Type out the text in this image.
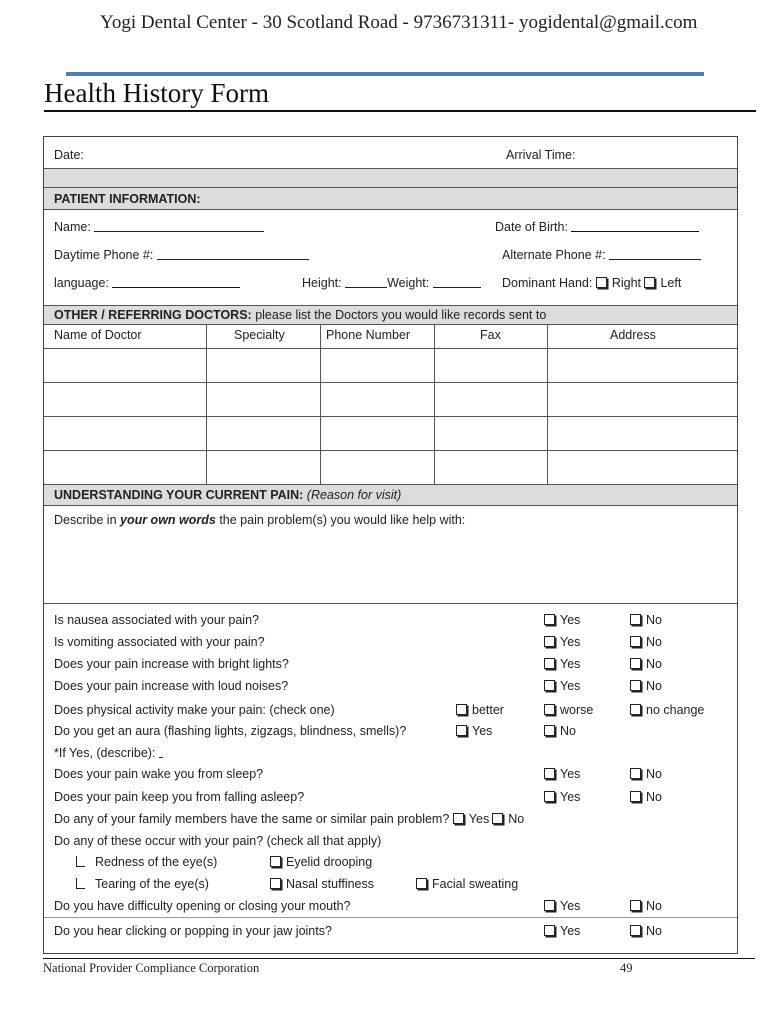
Yogi Dental Center - 30 Scotland Road - 9736731311- yogidental@gmail.com
Health History Form
Date:	Arrival Time:
PATIENT INFORMATION:
Name:	Date of Birth:
Daytime Phone #:	Alternate Phone #:
language:	Height:	Weight:	Dominant Hand: Right Left
OTHER / REFERRING DOCTORS: please list the Doctors you would like records sent to
Name of Doctor	Specialty	Phone Number	Fax	Address
UNDERSTANDING YOUR CURRENT PAIN: (Reason for visit)
Describe in your own words the pain problem(s) you would like help with:
Is nausea associated with your pain?	Yes	No
Is vomiting associated with your pain?	Yes	No
Does your pain increase with bright lights?	Yes	No
Does your pain increase with loud noises?	Yes	No
Does physical activity make your pain: (check one)	better	worse	no change
Do you get an aura (flashing lights, zigzags, blindness, smells)?	Yes	No
*If Yes, (describe):
Does your pain wake you from sleep?	Yes	No
Does your pain keep you from falling asleep?	Yes	No
Do any of your family members have the same or similar pain problem? Yes No
Do any of these occur with your pain? (check all that apply)
Redness of the eye(s)	Eyelid drooping
Tearing of the eye(s)	Nasal stuffiness	Facial sweating
Do you have difficulty opening or closing your mouth?	Yes	No
Do you hear clicking or popping in your jaw joints?	Yes	No
National Provider Compliance Corporation	49
